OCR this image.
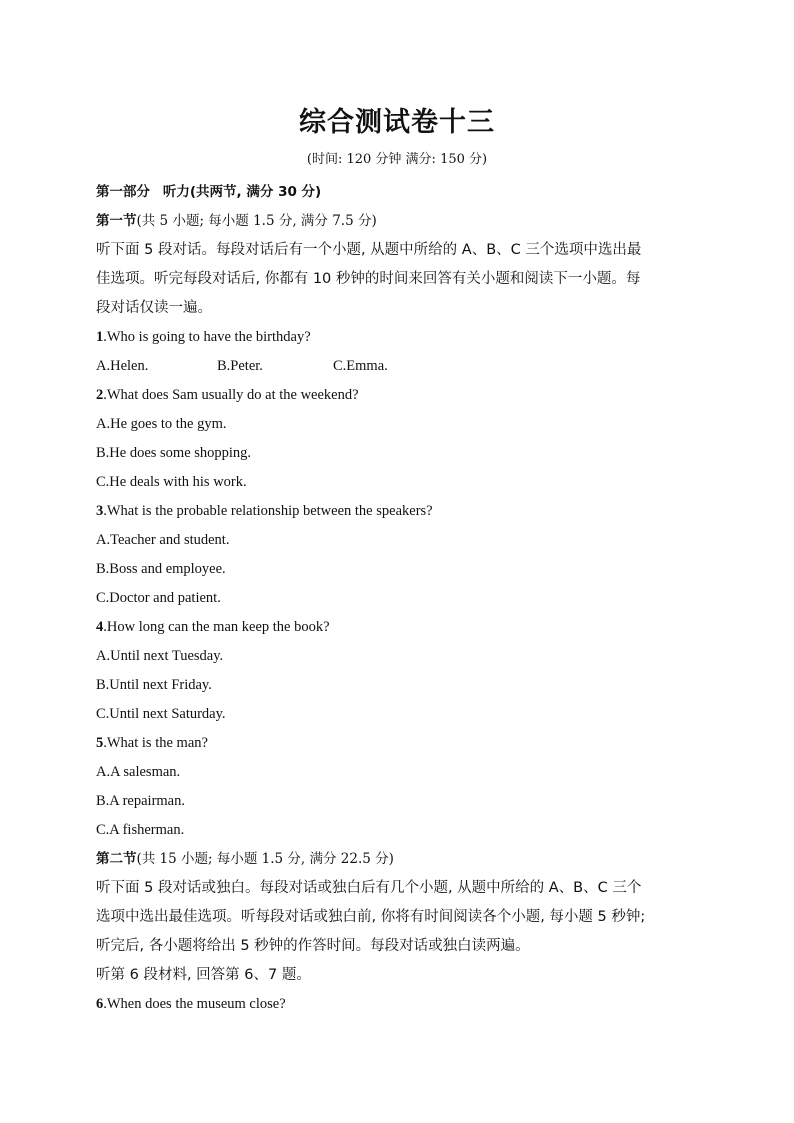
综合测试卷十三
(时间: 120 分钟 满分: 150 分)
第一部分 听力(共两节, 满分 30 分)
第一节(共 5 小题; 每小题 1.5 分, 满分 7.5 分)
听下面 5 段对话。每段对话后有一个小题, 从题中所给的 A、B、C 三个选项中选出最
佳选项。听完每段对话后, 你都有 10 秒钟的时间来回答有关小题和阅读下一小题。每
段对话仅读一遍。
1.Who is going to have the birthday?
A.Helen.	B.Peter.	C.Emma.
2.What does Sam usually do at the weekend?
A.He goes to the gym.
B.He does some shopping.
C.He deals with his work.
3.What is the probable relationship between the speakers?
A.Teacher and student.
B.Boss and employee.
C.Doctor and patient.
4.How long can the man keep the book?
A.Until next Tuesday.
B.Until next Friday.
C.Until next Saturday.
5.What is the man?
A.A salesman.
B.A repairman.
C.A fisherman.
第二节(共 15 小题; 每小题 1.5 分, 满分 22.5 分)
听下面 5 段对话或独白。每段对话或独白后有几个小题, 从题中所给的 A、B、C 三个
选项中选出最佳选项。听每段对话或独白前, 你将有时间阅读各个小题, 每小题 5 秒钟;
听完后, 各小题将给出 5 秒钟的作答时间。每段对话或独白读两遍。
听第 6 段材料, 回答第 6、7 题。
6.When does the museum close?
